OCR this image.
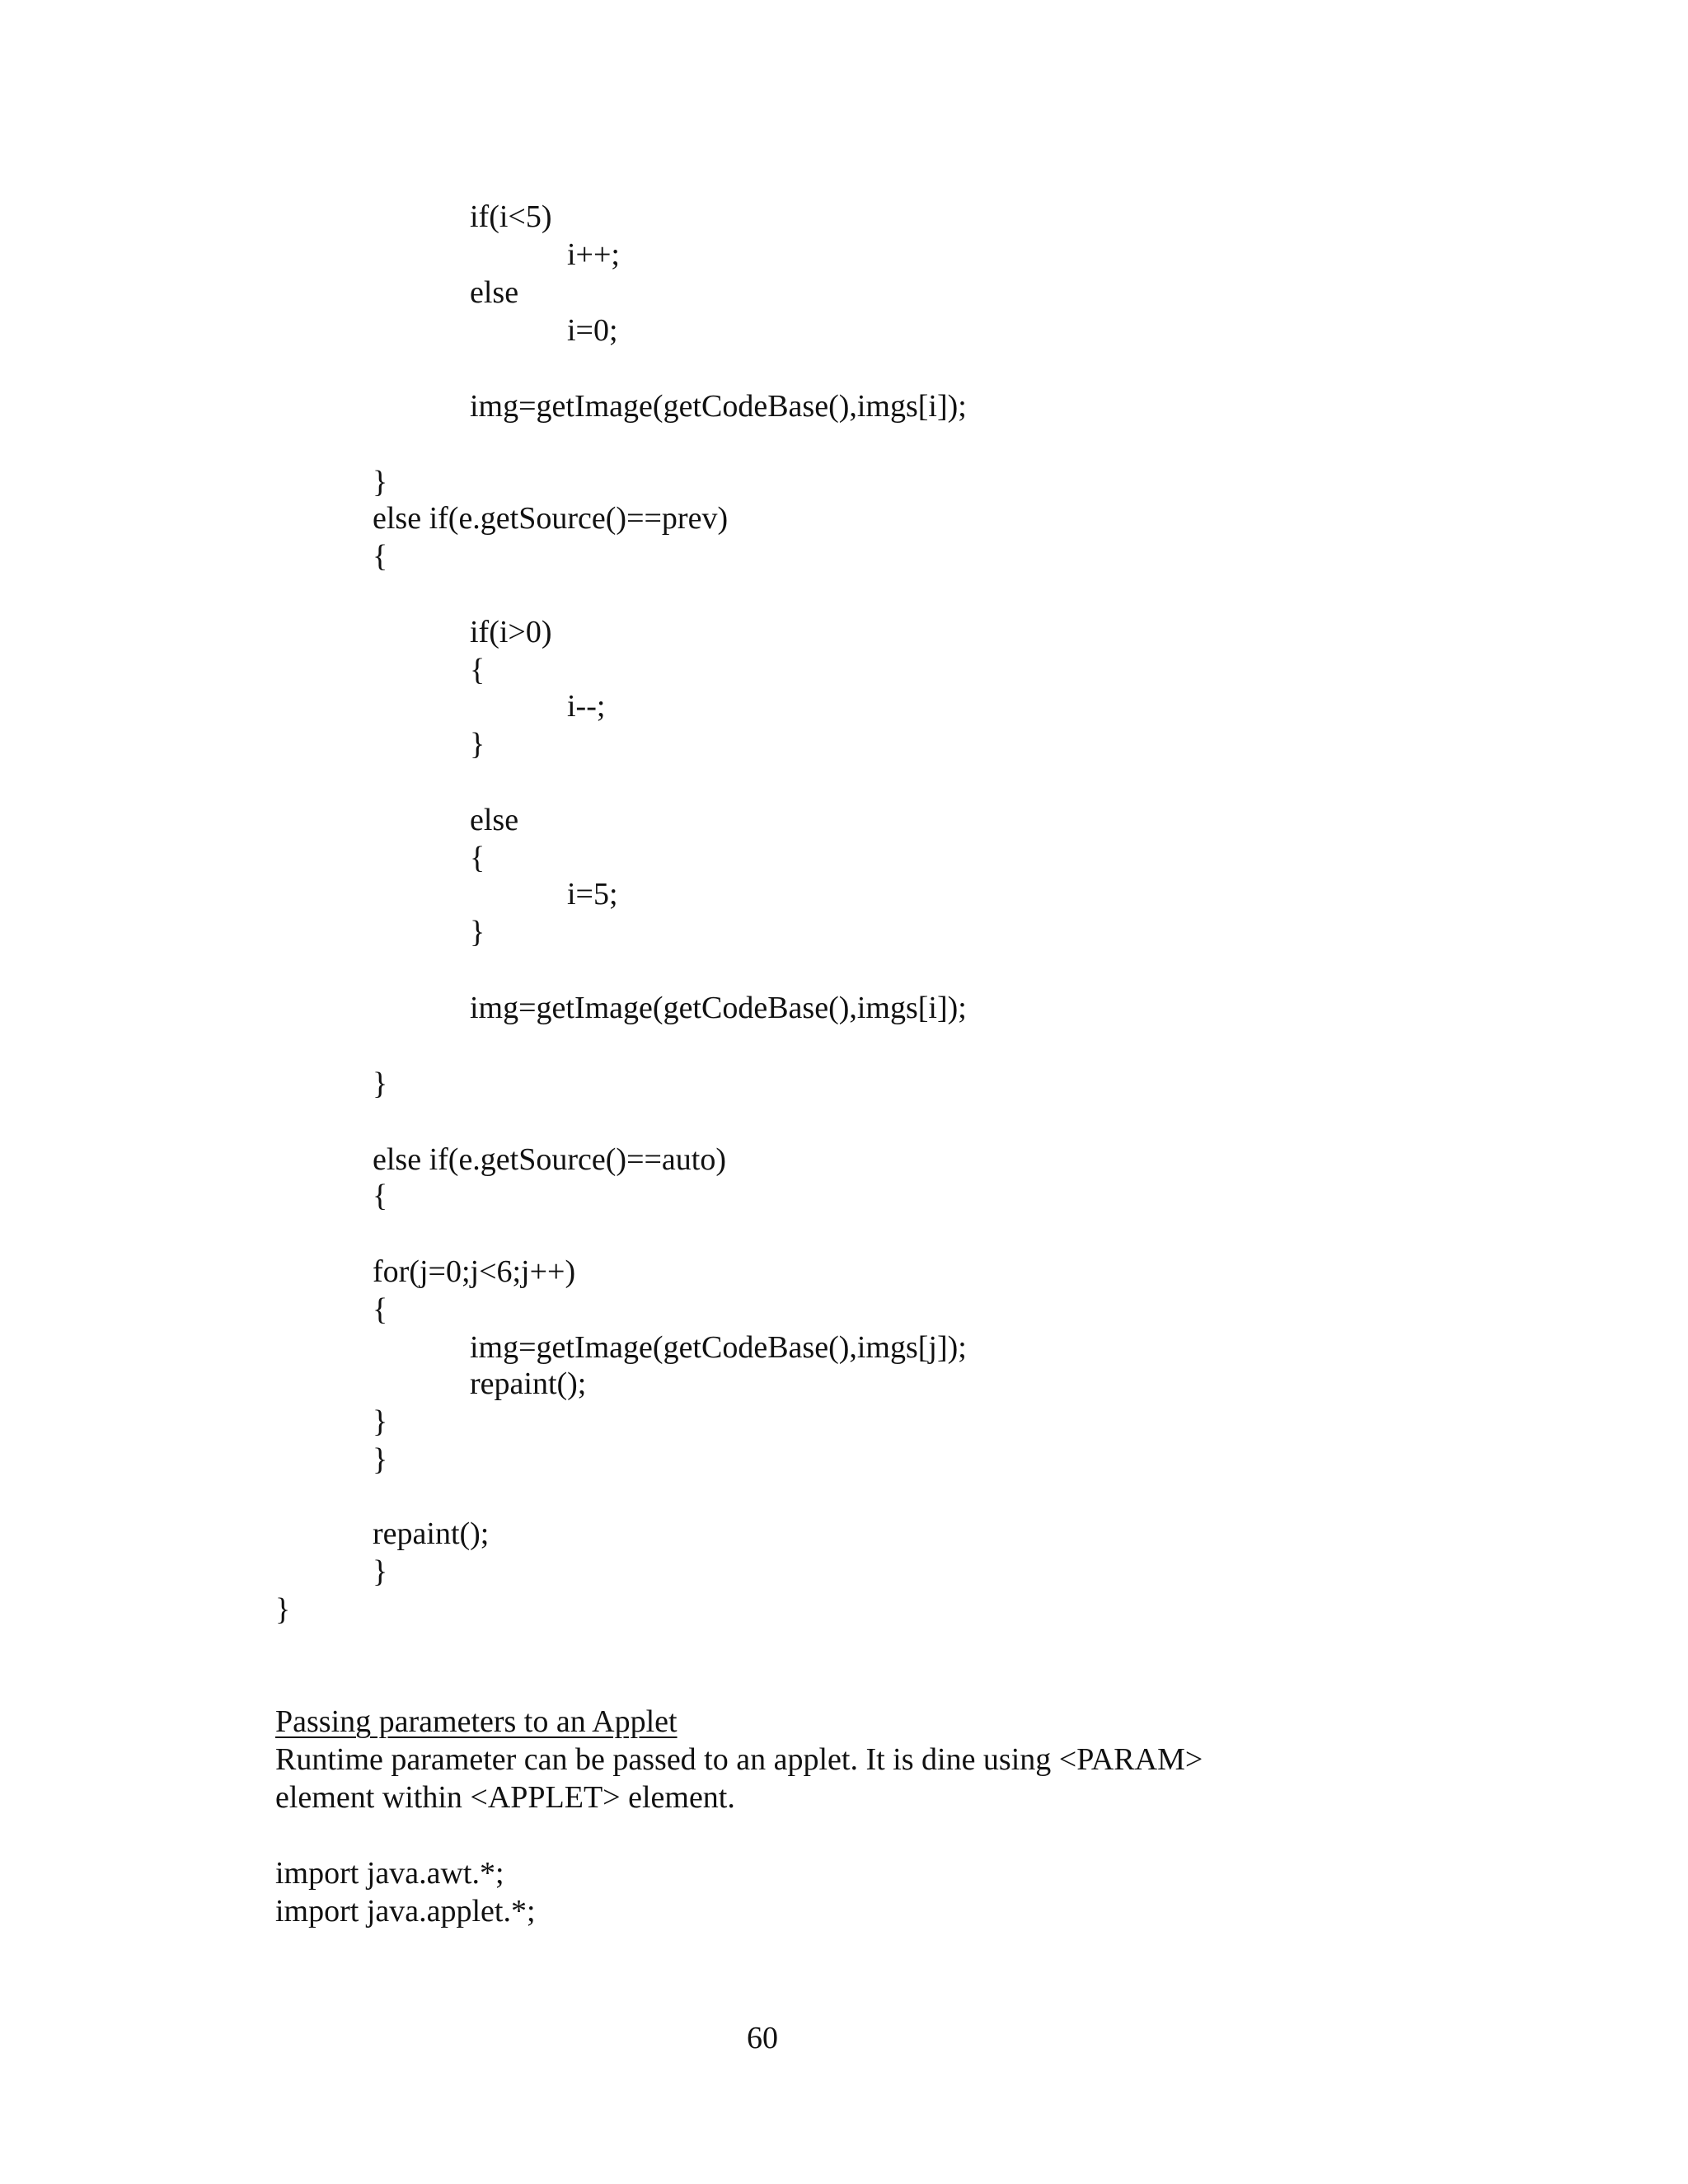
if(i<5)

i++;

else

i=0;

img=getImage(getCodeBase(),imgs[i]);

}

else if(e.getSource()==prev)

{

if(i>0)

{

i--;

}

else

{

i=5;

}

img=getImage(getCodeBase(),imgs[i]);

}

else if(e.getSource()==auto)

{

for(j=0;j<6;j++)

{

img=getImage(getCodeBase(),imgs[j]);

repaint();

}

}

repaint();

}

}

Passing parameters to an Applet

Runtime parameter can be passed to an applet. It is dine using <PARAM>

element within <APPLET> element.

import java.awt.*;

import java.applet.*;

60
